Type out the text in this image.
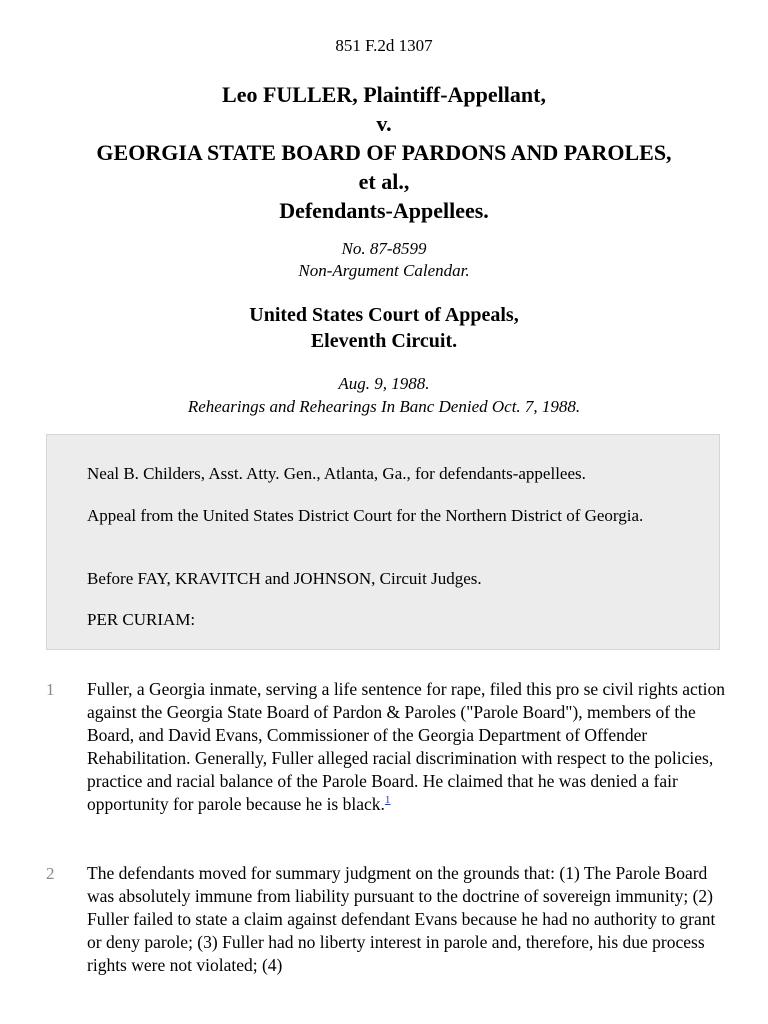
851 F.2d 1307
Leo FULLER, Plaintiff-Appellant,
v.
GEORGIA STATE BOARD OF PARDONS AND PAROLES,
et al.,
Defendants-Appellees.
No. 87-8599
Non-Argument Calendar.
United States Court of Appeals,
Eleventh Circuit.
Aug. 9, 1988.
Rehearings and Rehearings In Banc Denied Oct. 7, 1988.

Neal B. Childers, Asst. Atty. Gen., Atlanta, Ga., for defendants-appellees.

Appeal from the United States District Court for the Northern District of Georgia.

Before FAY, KRAVITCH and JOHNSON, Circuit Judges.

PER CURIAM:

1 Fuller, a Georgia inmate, serving a life sentence for rape, filed this pro se civil rights action against the Georgia State Board of Pardon & Paroles ("Parole Board"), members of the Board, and David Evans, Commissioner of the Georgia Department of Offender Rehabilitation. Generally, Fuller alleged racial discrimination with respect to the policies, practice and racial balance of the Parole Board. He claimed that he was denied a fair opportunity for parole because he is black.$^1$
2 The defendants moved for summary judgment on the grounds that: (1) The Parole Board was absolutely immune from liability pursuant to the doctrine of sovereign immunity; (2) Fuller failed to state a claim against defendant Evans because he had no authority to grant or deny parole; (3) Fuller had no liberty interest in parole and, therefore, his due process rights were not violated; (4)
